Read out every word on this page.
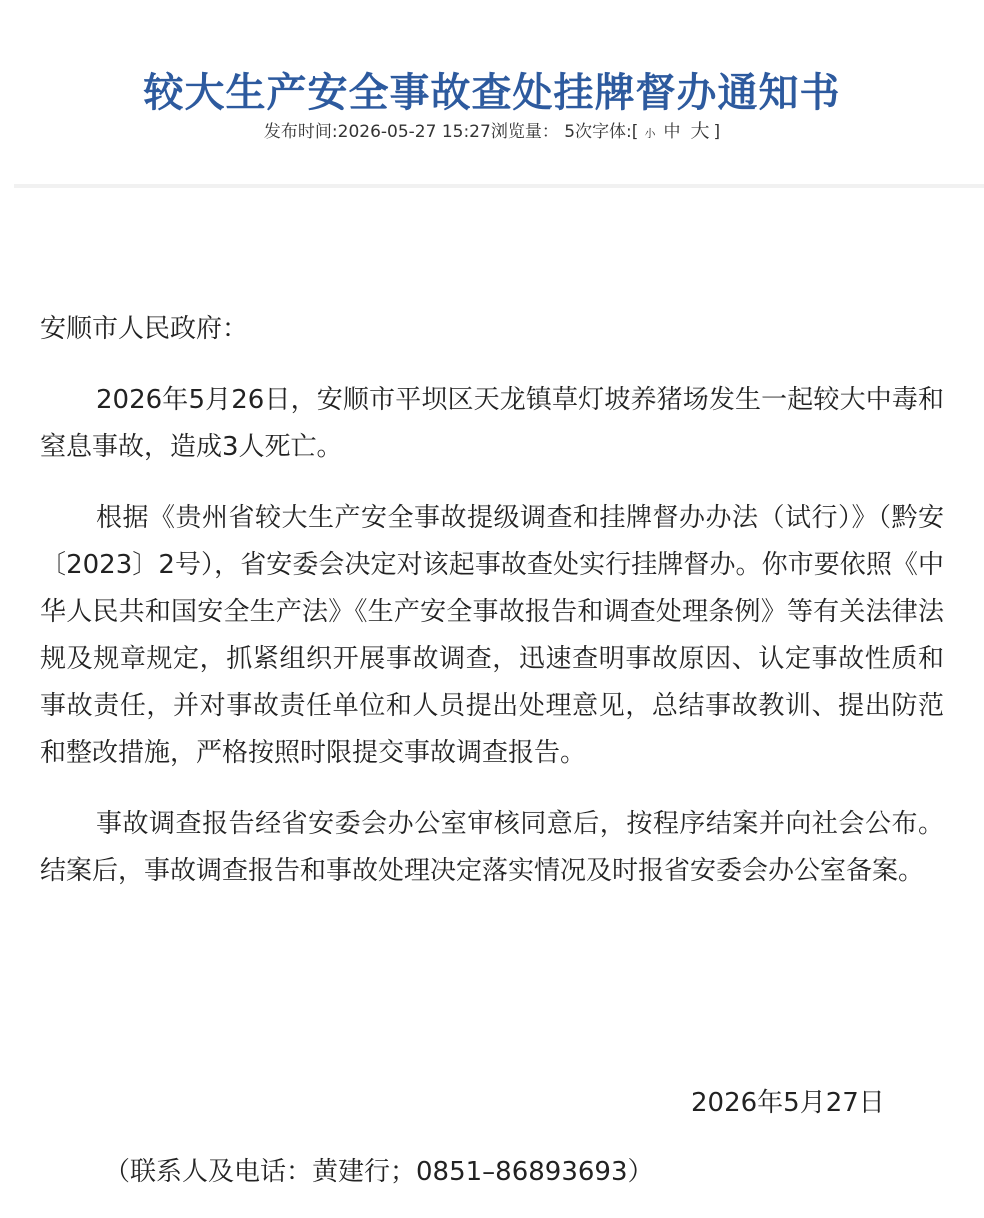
较大生产安全事故查处挂牌督办通知书
发布时间:2026-05-27 15:27浏览量： 5次字体:[ 小 中 大 ]

安顺市人民政府：

2026年5月26日，安顺市平坝区天龙镇草灯坡养猪场发生一起较大中毒和窒息事故，造成3人死亡。

根据《贵州省较大生产安全事故提级调查和挂牌督办办法（试行）》（黔安〔2023〕2号），省安委会决定对该起事故查处实行挂牌督办。你市要依照《中华人民共和国安全生产法》《生产安全事故报告和调查处理条例》等有关法律法规及规章规定，抓紧组织开展事故调查，迅速查明事故原因、认定事故性质和事故责任，并对事故责任单位和人员提出处理意见，总结事故教训、提出防范和整改措施，严格按照时限提交事故调查报告。

事故调查报告经省安委会办公室审核同意后，按程序结案并向社会公布。结案后，事故调查报告和事故处理决定落实情况及时报省安委会办公室备案。

2026年5月27日
（联系人及电话：黄建行；0851–86893693）
